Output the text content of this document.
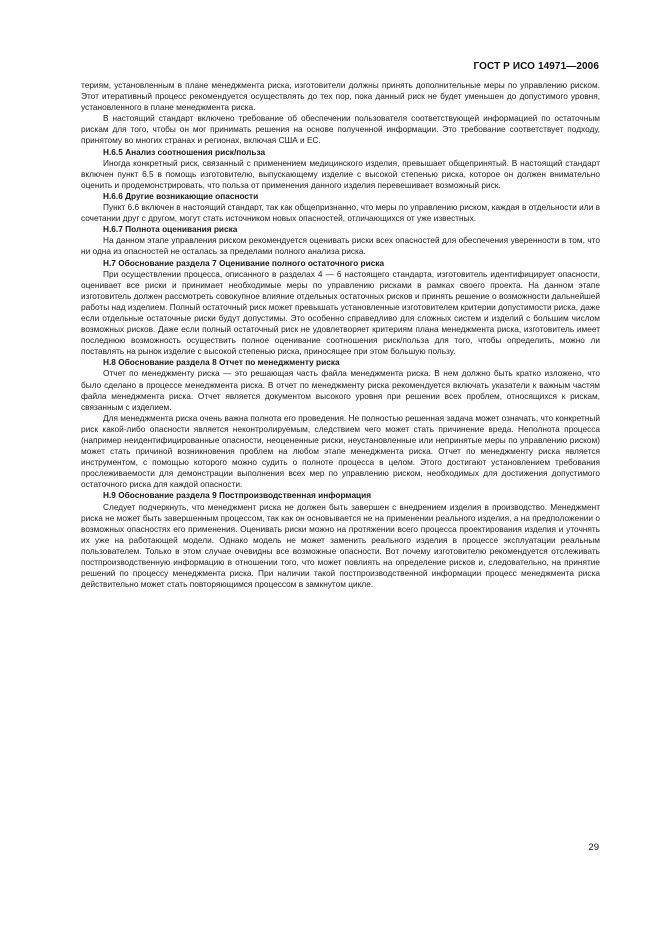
ГОСТ Р ИСО 14971—2006

териям, установленным в плане менеджмента риска, изготовители должны принять дополнительные меры по управлению риском. Этот итеративный процесс рекомендуется осуществлять до тех пор, пока данный риск не будет уменьшен до допустимого уровня, установленного в плане менеджмента риска.

В настоящий стандарт включено требование об обеспечении пользователя соответствующей информацией по остаточным рискам для того, чтобы он мог принимать решения на основе полученной информации. Это требование соответствует подходу, принятому во многих странах и регионах, включая США и ЕС.

Н.6.5 Анализ соотношения риск/польза

Иногда конкретный риск, связанный с применением медицинского изделия, превышает общепринятый. В настоящий стандарт включен пункт 6.5 в помощь изготовителю, выпускающему изделие с высокой степенью риска, которое он должен внимательно оценить и продемонстрировать, что польза от применения данного изделия перевешивает возможный риск.

Н.6.6 Другие возникающие опасности

Пункт 6.6 включен в настоящий стандарт, так как общепризнанно, что меры по управлению риском, каждая в отдельности или в сочетании друг с другом, могут стать источником новых опасностей, отличающихся от уже известных.

Н.6.7 Полнота оценивания риска

На данном этапе управления риском рекомендуется оценивать риски всех опасностей для обеспечения уверенности в том, что ни одна из опасностей не осталась за пределами полного анализа риска.

Н.7 Обоснование раздела 7 Оценивание полного остаточного риска

При осуществлении процесса, описанного в разделах 4 — 6 настоящего стандарта, изготовитель идентифицирует опасности, оценивает все риски и принимает необходимые меры по управлению рисками в рамках своего проекта. На данном этапе изготовитель должен рассмотреть совокупное влияние отдельных остаточных рисков и принять решение о возможности дальнейшей работы над изделием. Полный остаточный риск может превышать установленные изготовителем критерии допустимости риска, даже если отдельные остаточные риски будут допустимы. Это особенно справедливо для сложных систем и изделий с большим числом возможных рисков. Даже если полный остаточный риск не удовлетворяет критериям плана менеджмента риска, изготовитель имеет последнюю возможность осуществить полное оценивание соотношения риск/польза для того, чтобы определить, можно ли поставлять на рынок изделие с высокой степенью риска, приносящее при этом большую пользу.

Н.8 Обоснование раздела 8 Отчет по менеджменту риска

Отчет по менеджменту риска — это решающая часть файла менеджмента риска. В нем должно быть кратко изложено, что было сделано в процессе менеджмента риска. В отчет по менеджменту риска рекомендуется включать указатели к важным частям файла менеджмента риска. Отчет является документом высокого уровня при решении всех проблем, относящихся к рискам, связанным с изделием.

Для менеджмента риска очень важна полнота его проведения. Не полностью решенная задача может означать, что конкретный риск какой-либо опасности является неконтролируемым, следствием чего может стать причинение вреда. Неполнота процесса (например неидентифицированные опасности, неоцененные риски, неустановленные или непринятые меры по управлению риском) может стать причиной возникновения проблем на любом этапе менеджмента риска. Отчет по менеджменту риска является инструментом, с помощью которого можно судить о полноте процесса в целом. Этого достигают установлением требования прослеживаемости для демонстрации выполнения всех мер по управлению риском, необходимых для достижения допустимого остаточного риска для каждой опасности.

Н.9 Обоснование раздела 9 Постпроизводственная информация

Следует подчеркнуть, что менеджмент риска не должен быть завершен с внедрением изделия в производство. Менеджмент риска не может быть завершенным процессом, так как он основывается не на применении реального изделия, а на предположении о возможных опасностях его применения. Оценивать риски можно на протяжении всего процесса проектирования изделия и уточнять их уже на работающей модели. Однако модель не может заменить реального изделия в процессе эксплуатации реальным пользователем. Только в этом случае очевидны все возможные опасности. Вот почему изготовителю рекомендуется отслеживать постпроизводственную информацию в отношении того, что может повлиять на определение рисков и, следовательно, на принятие решений по процессу менеджмента риска. При наличии такой постпроизводственной информации процесс менеджмента риска действительно может стать повторяющимся процессом в замкнутом цикле.

29
